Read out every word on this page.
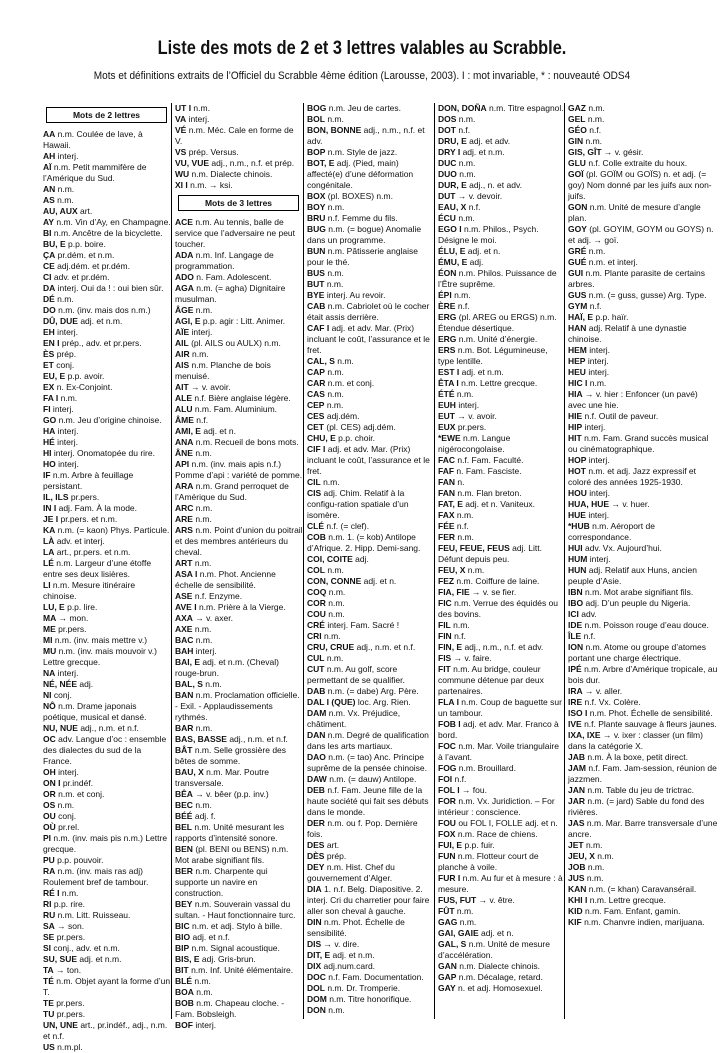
Liste des mots de 2 et 3 lettres valables au Scrabble.
Mots et définitions extraits de l’Officiel du Scrabble 4ème édition (Larousse, 2003). I : mot invariable, * : nouveauté ODS4
Mots de 2 lettres

AA n.m. Coulée de lave, à Hawaii.

AH interj.

AÏ n.m. Petit mammifère de l’Amérique du Sud.

AN n.m.

AS n.m.

AU, AUX art.

AY n.m. Vin d’Ay, en Champagne.

BI n.m. Ancêtre de la bicyclette.

BU, E p.p. boire.

ÇA pr.dém. et n.m.

CE adj.dém. et pr.dém.

CI adv. et pr.dém.

DA interj. Oui da ! : oui bien sûr.

DÉ n.m.

DO n.m. (inv. mais dos n.m.)

DÛ, DUE adj. et n.m.

EH interj.

EN I prép., adv. et pr.pers.

ÈS prép.

ET conj.

EU, E p.p. avoir.

EX n. Ex-Conjoint.

FA I n.m.

FI interj.

GO n.m. Jeu d’origine chinoise.

HA interj.

HÉ interj.

HI interj. Onomatopée du rire.

HO interj.

IF n.m. Arbre à feuillage persistant.

IL, ILS pr.pers.

IN I adj. Fam. À la mode.

JE I pr.pers. et n.m.

KA n.m. (= kaon) Phys. Particule.

LÀ adv. et interj.

LA art., pr.pers. et n.m.

LÉ n.m. Largeur d’une étoffe entre ses deux lisières.

LI n.m. Mesure itinéraire chinoise.

LU, E p.p. lire.

MA → mon.

ME pr.pers.

MI n.m. (inv. mais mettre v.)

MU n.m. (inv. mais mouvoir v.) Lettre grecque.

NA interj.

NÉ, NÉE adj.

NI conj.

NÔ n.m. Drame japonais poétique, musical et dansé.

NU, NUE adj., n.m. et n.f.

OC adv. Langue d’oc : ensemble des dialectes du sud de la France.

OH interj.

ON I pr.indéf.

OR n.m. et conj.

OS n.m.

OU conj.

OÙ pr.rel.

PI n.m. (inv. mais pis n.m.) Lettre grecque.

PU p.p. pouvoir.

RA n.m. (inv. mais ras adj) Roulement bref de tambour.

RÉ I n.m.

RI p.p. rire.

RU n.m. Litt. Ruisseau.

SA → son.

SE pr.pers.

SI conj., adv. et n.m.

SU, SUE adj. et n.m.

TA → ton.

TÉ n.m. Objet ayant la forme d’un T.

TE pr.pers.

TU pr.pers.

UN, UNE art., pr.indéf., adj., n.m. et n.f.

US n.m.pl.

UT I n.m.

VA interj.

VÉ n.m. Méc. Cale en forme de V.

VS prép. Versus.

VU, VUE adj., n.m., n.f. et prép.

WU n.m. Dialecte chinois.

XI I n.m. → ksi.

Mots de 3 lettres

ACE n.m. Au tennis, balle de service que l’adversaire ne peut toucher.

ADA n.m. Inf. Langage de programmation.

ADO n. Fam. Adolescent.

AGA n.m. (= agha) Dignitaire musulman.

ÂGE n.m.

AGI, E p.p. agir : Litt. Animer.

AÏE interj.

AIL (pl. AILS ou AULX) n.m.

AIR n.m.

AIS n.m. Planche de bois menuisé.

AIT → v. avoir.

ALE n.f. Bière anglaise légère.

ALU n.m. Fam. Aluminium.

ÂME n.f.

AMI, E adj. et n.

ANA n.m. Recueil de bons mots.

ÂNE n.m.

API n.m. (inv. mais apis n.f.) Pomme d’api : variété de pomme.

ARA n.m. Grand perroquet de l’Amérique du Sud.

ARC n.m.

ARE n.m.

ARS n.m. Point d’union du poitrail et des membres antérieurs du cheval.

ART n.m.

ASA I n.m. Phot. Ancienne échelle de sensibilité.

ASE n.f. Enzyme.

AVE I n.m. Prière à la Vierge.

AXA → v. axer.

AXE n.m.

BAC n.m.

BAH interj.

BAI, E adj. et n.m. (Cheval) rouge-brun.

BAL, S n.m.

BAN n.m. Proclamation officielle. - Exil. - Applaudissements rythmés.

BAR n.m.

BAS, BASSE adj., n.m. et n.f.

BÂT n.m. Selle grossière des bêtes de somme.

BAU, X n.m. Mar. Poutre transversale.

BÊA → v. bêer (p.p. inv.)

BEC n.m.

BÉÉ adj. f.

BEL n.m. Unité mesurant les rapports d’intensité sonore.

BEN (pl. BENI ou BENS) n.m. Mot arabe signifiant fils.

BER n.m. Charpente qui supporte un navire en construction.

BEY n.m. Souverain vassal du sultan. - Haut fonctionnaire turc.

BIC n.m. et adj. Stylo à bille.

BIO adj. et n.f.

BIP n.m. Signal acoustique.

BIS, E adj. Gris-brun.

BIT n.m. Inf. Unité élémentaire.

BLÉ n.m.

BOA n.m.

BOB n.m. Chapeau cloche. - Fam. Bobsleigh.

BOF interj.

BOG n.m. Jeu de cartes.

BOL n.m.

BON, BONNE adj., n.m., n.f. et adv.

BOP n.m. Style de jazz.

BOT, E adj. (Pied, main) affecté(e) d’une déformation congénitale.

BOX (pl. BOXES) n.m.

BOY n.m.

BRU n.f. Femme du fils.

BUG n.m. (= bogue) Anomalie dans un programme.

BUN n.m. Pâtisserie anglaise pour le thé.

BUS n.m.

BUT n.m.

BYE interj. Au revoir.

CAB n.m. Cabriolet où le cocher était assis derrière.

CAF I adj. et adv. Mar. (Prix) incluant le coût, l’assurance et le fret.

CAL, S n.m.

CAP n.m.

CAR n.m. et conj.

CAS n.m.

CEP n.m.

CES adj.dém.

CET (pl. CES) adj.dém.

CHU, E p.p. choir.

CIF I adj. et adv. Mar. (Prix) incluant le coût, l’assurance et le fret.

CIL n.m.

CIS adj. Chim. Relatif à la configu-ration spatiale d’un isomère.

CLÉ n.f. (= clef).

COB n.m. 1. (= kob) Antilope d’Afrique. 2. Hipp. Demi-sang.

COI, COITE adj.

COL n.m.

CON, CONNE adj. et n.

COQ n.m.

COR n.m.

COU n.m.

CRÉ interj. Fam. Sacré !

CRI n.m.

CRU, CRUE adj., n.m. et n.f.

CUL n.m.

CUT n.m. Au golf, score permettant de se qualifier.

DAB n.m. (= dabe) Arg. Père.

DAL I (QUE) loc. Arg. Rien.

DAM n.m. Vx. Préjudice, châtiment.

DAN n.m. Degré de qualification dans les arts martiaux.

DAO n.m. (= tao) Anc. Principe suprême de la pensée chinoise.

DAW n.m. (= dauw) Antilope.

DEB n.f. Fam. Jeune fille de la haute société qui fait ses débuts dans le monde.

DER n.m. ou f. Pop. Dernière fois.

DES art.

DÈS prép.

DEY n.m. Hist. Chef du gouvernement d’Alger.

DIA 1. n.f. Belg. Diapositive. 2. interj. Cri du charretier pour faire aller son cheval à gauche.

DIN n.m. Phot. Échelle de sensibilité.

DIS → v. dire.

DIT, E adj. et n.m.

DIX adj.num.card.

DOC n.f. Fam. Documentation.

DOL n.m. Dr. Tromperie.

DOM n.m. Titre honorifique.

DON n.m.

DON, DOÑA n.m. Titre espagnol.

DOS n.m.

DOT n.f.

DRU, E adj. et adv.

DRY I adj. et n.m.

DUC n.m.

DUO n.m.

DUR, E adj., n. et adv.

DUT → v. devoir.

EAU, X n.f.

ÉCU n.m.

EGO I n.m. Philos., Psych. Désigne le moi.

ÉLU, E adj. et n.

ÉMU, E adj.

ÉON n.m. Philos. Puissance de l’Être suprême.

ÉPI n.m.

ÈRE n.f.

ERG (pl. AREG ou ERGS) n.m. Étendue désertique.

ERG n.m. Unité d’énergie.

ERS n.m. Bot. Légumineuse, type lentille.

EST I adj. et n.m.

ÊTA I n.m. Lettre grecque.

ÉTÉ n.m.

EUH interj.

EUT → v. avoir.

EUX pr.pers.

*EWE n.m. Langue nigérocongolaise.

FAC n.f. Fam. Faculté.

FAF n. Fam. Fasciste.

FAN n.

FAN n.m. Flan breton.

FAT, E adj. et n. Vaniteux.

FAX n.m.

FÉE n.f.

FER n.m.

FEU, FEUE, FEUS adj. Litt. Défunt depuis peu.

FEU, X n.m.

FEZ n.m. Coiffure de laine.

FIA, FIE → v. se fier.

FIC n.m. Verrue des équidés ou des bovins.

FIL n.m.

FIN n.f.

FIN, E adj., n.m., n.f. et adv.

FIS → v. faire.

FIT n.m. Au bridge, couleur commune détenue par deux partenaires.

FLA I n.m. Coup de baguette sur un tambour.

FOB I adj. et adv. Mar. Franco à bord.

FOC n.m. Mar. Voile triangulaire à l’avant.

FOG n.m. Brouillard.

FOI n.f.

FOL I → fou.

FOR n.m. Vx. Juridiction. – For intérieur : conscience.

FOU ou FOL I, FOLLE adj. et n.

FOX n.m. Race de chiens.

FUI, E p.p. fuir.

FUN n.m. Flotteur court de planche à voile.

FUR I n.m. Au fur et à mesure : à mesure.

FUS, FUT → v. être.

FÛT n.m.

GAG n.m.

GAI, GAIE adj. et n.

GAL, S n.m. Unité de mesure d’accélération.

GAN n.m. Dialecte chinois.

GAP n.m. Décalage, retard.

GAY n. et adj. Homosexuel.

GAZ n.m.

GEL n.m.

GÉO n.f.

GIN n.m.

GIS, GÎT → v. gésir.

GLU n.f. Colle extraite du houx.

GOÏ (pl. GOÏM ou GOÏS) n. et adj. (= goy) Nom donné par les juifs aux non-juifs.

GON n.m. Unité de mesure d’angle plan.

GOY (pl. GOYIM, GOYM ou GOYS) n. et adj. → goï.

GRÉ n.m.

GUÉ n.m. et interj.

GUI n.m. Plante parasite de certains arbres.

GUS n.m. (= guss, gusse) Arg. Type.

GYM n.f.

HAÏ, E p.p. haïr.

HAN adj. Relatif à une dynastie chinoise.

HEM interj.

HEP interj.

HEU interj.

HIC I n.m.

HIA → v. hier : Enfoncer (un pavé) avec une hie.

HIE n.f. Outil de paveur.

HIP interj.

HIT n.m. Fam. Grand succès musical ou cinématographique.

HOP interj.

HOT n.m. et adj. Jazz expressif et coloré des années 1925-1930.

HOU interj.

HUA, HUE → v. huer.

HUE interj.

*HUB n.m. Aéroport de correspondance.

HUI adv. Vx. Aujourd’hui.

HUM interj.

HUN adj. Relatif aux Huns, ancien peuple d’Asie.

IBN n.m. Mot arabe signifiant fils.

IBO adj. D’un peuple du Nigeria.

ICI adv.

IDE n.m. Poisson rouge d’eau douce.

ÎLE n.f.

ION n.m. Atome ou groupe d’atomes portant une charge électrique.

IPÉ n.m. Arbre d’Amérique tropicale, au bois dur.

IRA → v. aller.

IRE n.f. Vx. Colère.

ISO I n.m. Phot. Échelle de sensibilité.

IVE n.f. Plante sauvage à fleurs jaunes.

IXA, IXE → v. ixer : classer (un film) dans la catégorie X.

JAB n.m. À la boxe, petit direct.

JAM n.f. Fam. Jam-session, réunion de jazzmen.

JAN n.m. Table du jeu de trictrac.

JAR n.m. (= jard) Sable du fond des rivières.

JAS n.m. Mar. Barre transversale d’une ancre.

JET n.m.

JEU, X n.m.

JOB n.m.

JUS n.m.

KAN n.m. (= khan) Caravansérail.

KHI I n.m. Lettre grecque.

KID n.m. Fam. Enfant, gamin.

KIF n.m. Chanvre indien, marijuana.
